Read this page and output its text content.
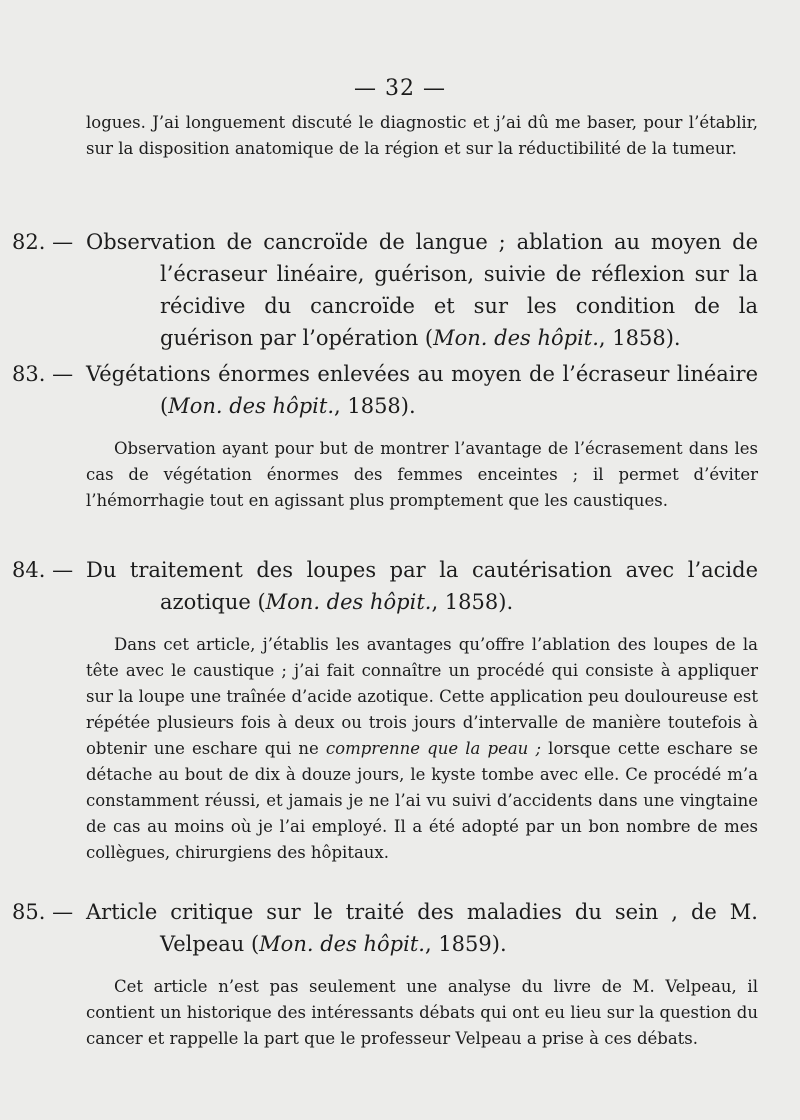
— 32 —

logues. J’ai longuement discuté le diagnostic et j’ai dû me baser, pour l’établir, sur la disposition anatomique de la région et sur la réductibilité de la tumeur.

82. — Observation de cancroïde de langue ; ablation au moyen de l’écraseur linéaire, guérison, suivie de réflexion sur la récidive du cancroïde et sur les condition de la guérison par l’opération (Mon. des hôpit., 1858).

83. — Végétations énormes enlevées au moyen de l’écraseur linéaire (Mon. des hôpit., 1858).

Observation ayant pour but de montrer l’avantage de l’écrasement dans les cas de végétation énormes des femmes enceintes ; il permet d’éviter l’hémorrhagie tout en agissant plus promptement que les caustiques.

84. — Du traitement des loupes par la cautérisation avec l’acide azotique (Mon. des hôpit., 1858).

Dans cet article, j’établis les avantages qu’offre l’ablation des loupes de la tête avec le caustique ; j’ai fait connaître un procédé qui consiste à appliquer sur la loupe une traînée d’acide azotique. Cette application peu douloureuse est répétée plusieurs fois à deux ou trois jours d’intervalle de manière toutefois à obtenir une eschare qui ne comprenne que la peau ; lorsque cette eschare se détache au bout de dix à douze jours, le kyste tombe avec elle. Ce procédé m’a constamment réussi, et jamais je ne l’ai vu suivi d’accidents dans une vingtaine de cas au moins où je l’ai employé. Il a été adopté par un bon nombre de mes collègues, chirurgiens des hôpitaux.

85. — Article critique sur le traité des maladies du sein , de M. Velpeau (Mon. des hôpit., 1859).

Cet article n’est pas seulement une analyse du livre de M. Velpeau, il contient un historique des intéressants débats qui ont eu lieu sur la question du cancer et rappelle la part que le professeur Velpeau a prise à ces débats.
